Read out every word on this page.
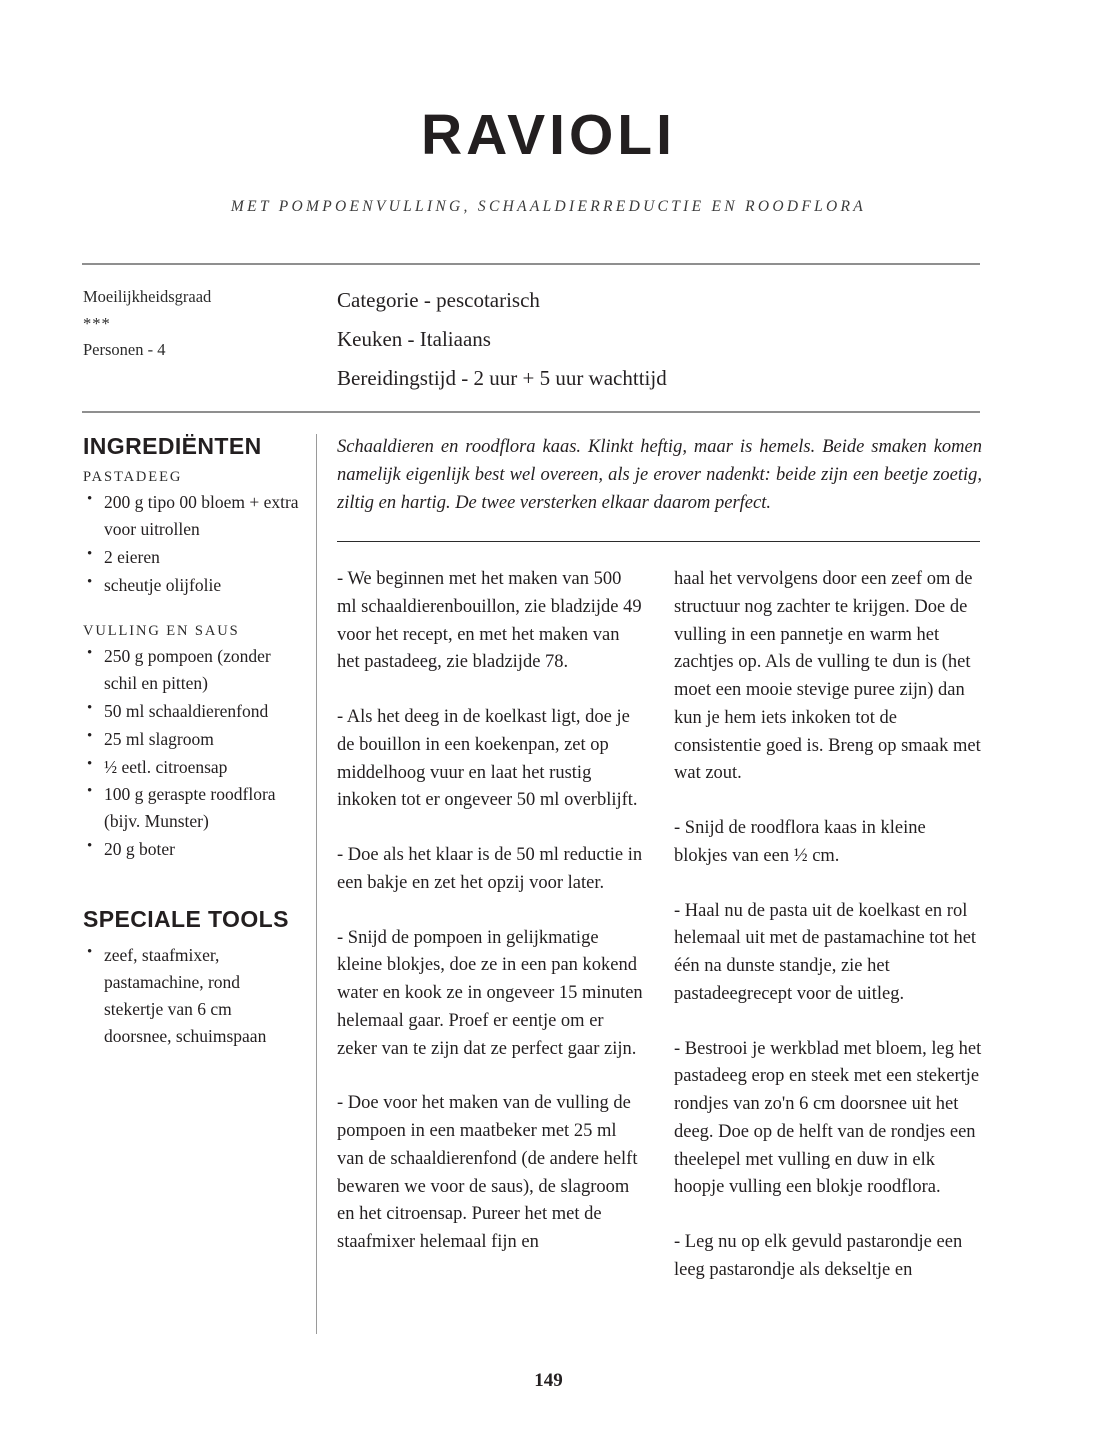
RAVIOLI
MET POMPOENVULLING, SCHAALDIERREDUCTIE EN ROODFLORA
Moeilijkheidsgraad
***
Personen - 4
Categorie - pescotarisch
Keuken - Italiaans
Bereidingstijd - 2 uur + 5 uur wachttijd
INGREDIËNTEN
PASTADEEG
• 200 g tipo 00 bloem + extra voor uitrollen
• 2 eieren
• scheutje olijfolie
VULLING EN SAUS
• 250 g pompoen (zonder schil en pitten)
• 50 ml schaaldierenfond
• 25 ml slagroom
• ½ eetl. citroensap
• 100 g geraspte roodflora (bijv. Munster)
• 20 g boter
SPECIALE TOOLS
• zeef, staafmixer, pastamachine, rond stekertje van 6 cm doorsnee, schuimspaan
Schaaldieren en roodflora kaas. Klinkt heftig, maar is hemels. Beide smaken komen namelijk eigenlijk best wel overeen, als je erover nadenkt: beide zijn een beetje zoetig, ziltig en hartig. De twee versterken elkaar daarom perfect.

- We beginnen met het maken van 500 ml schaaldierenbouillon, zie bladzijde 49 voor het recept, en met het maken van het pastadeeg, zie bladzijde 78.

- Als het deeg in de koelkast ligt, doe je de bouillon in een koekenpan, zet op middelhoog vuur en laat het rustig inkoken tot er ongeveer 50 ml overblijft.

- Doe als het klaar is de 50 ml reductie in een bakje en zet het opzij voor later.

- Snijd de pompoen in gelijkmatige kleine blokjes, doe ze in een pan kokend water en kook ze in ongeveer 15 minuten helemaal gaar. Proef er eentje om er zeker van te zijn dat ze perfect gaar zijn.

- Doe voor het maken van de vulling de pompoen in een maatbeker met 25 ml van de schaaldierenfond (de andere helft bewaren we voor de saus), de slagroom en het citroensap. Pureer het met de staafmixer helemaal fijn en

haal het vervolgens door een zeef om de structuur nog zachter te krijgen. Doe de vulling in een pannetje en warm het zachtjes op. Als de vulling te dun is (het moet een mooie stevige puree zijn) dan kun je hem iets inkoken tot de consistentie goed is. Breng op smaak met wat zout.

- Snijd de roodflora kaas in kleine blokjes van een ½ cm.

- Haal nu de pasta uit de koelkast en rol helemaal uit met de pastamachine tot het één na dunste standje, zie het pastadeegrecept voor de uitleg.

- Bestrooi je werkblad met bloem, leg het pastadeeg erop en steek met een stekertje rondjes van zo'n 6 cm doorsnee uit het deeg. Doe op de helft van de rondjes een theelepel met vulling en duw in elk hoopje vulling een blokje roodflora.

- Leg nu op elk gevuld pastarondje een leeg pastarondje als dekseltje en

149
